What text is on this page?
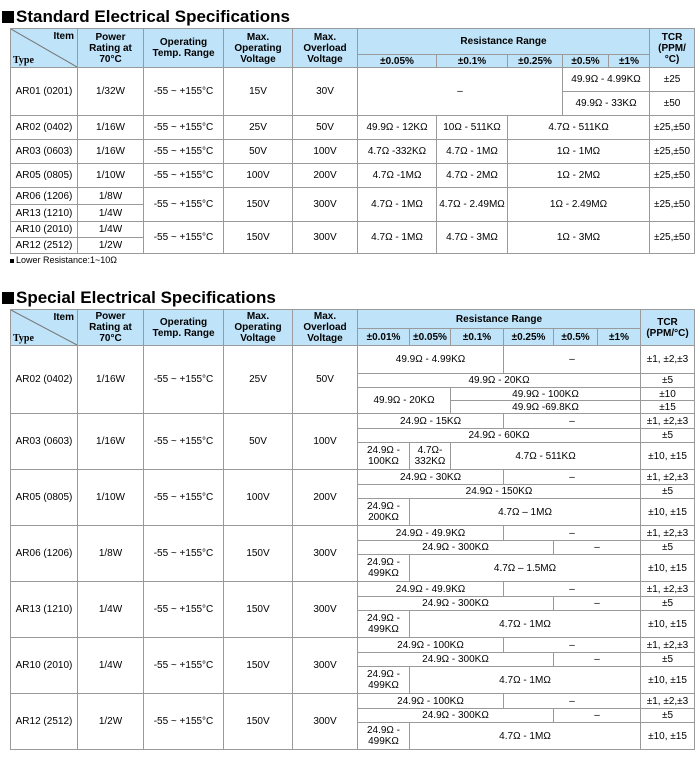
Standard Electrical Specifications
Item
Type	Power Rating at 70°C	Operating Temp. Range	Max. Operating Voltage	Max. Overload Voltage	Resistance Range					TCR (PPM/°C)
					±0.05%	±0.1%	±0.25%	±0.5%	±1%	
AR01 (0201)	1/32W	-55 ~ +155°C	15V	30V	–			49.9Ω - 4.99KΩ		±25
								49.9Ω - 33KΩ		±50
AR02 (0402)	1/16W	-55 ~ +155°C	25V	50V	49.9Ω - 12KΩ	10Ω - 511KΩ	4.7Ω - 511KΩ			±25,±50
AR03 (0603)	1/16W	-55 ~ +155°C	50V	100V	4.7Ω -332KΩ	4.7Ω - 1MΩ	1Ω - 1MΩ			±25,±50
AR05 (0805)	1/10W	-55 ~ +155°C	100V	200V	4.7Ω -1MΩ	4.7Ω - 2MΩ	1Ω - 2MΩ			±25,±50
AR06 (1206)	1/8W	-55 ~ +155°C	150V	300V	4.7Ω - 1MΩ	4.7Ω - 2.49MΩ	1Ω - 2.49MΩ			±25,±50
AR13 (1210)	1/4W									
AR10 (2010)	1/4W	-55 ~ +155°C	150V	300V	4.7Ω - 1MΩ	4.7Ω - 3MΩ	1Ω - 3MΩ			±25,±50
AR12 (2512)	1/2W									
Lower Resistance:1~10Ω
Special Electrical Specifications
Item
Type	Power Rating at 70°C	Operating Temp. Range	Max. Operating Voltage	Max. Overload Voltage	Resistance Range						TCR (PPM/°C)
					±0.01%	±0.05%	±0.1%	±0.25%	±0.5%	±1%	
AR02 (0402)	1/16W	-55 ~ +155°C	25V	50V	49.9Ω - 4.99KΩ			–			±1, ±2,±3

					49.9Ω - 20KΩ						±5
					49.9Ω - 20KΩ		49.9Ω - 100KΩ				±10
							49.9Ω -69.8KΩ				±15
AR03 (0603)	1/16W	-55 ~ +155°C	50V	100V	24.9Ω - 15KΩ			–			±1, ±2,±3
					24.9Ω - 60KΩ						±5
					24.9Ω - 100KΩ	4.7Ω- 332KΩ	4.7Ω - 511KΩ				±10, ±15
AR05 (0805)	1/10W	-55 ~ +155°C	100V	200V	24.9Ω - 30KΩ			–			±1, ±2,±3
					24.9Ω - 150KΩ						±5
					24.9Ω - 200KΩ	4.7Ω – 1MΩ					±10, ±15
AR06 (1206)	1/8W	-55 ~ +155°C	150V	300V	24.9Ω - 49.9KΩ			–			±1, ±2,±3
					24.9Ω - 300KΩ				–		±5
					24.9Ω - 499KΩ	4.7Ω – 1.5MΩ					±10, ±15
AR13 (1210)	1/4W	-55 ~ +155°C	150V	300V	24.9Ω - 49.9KΩ			–			±1, ±2,±3
					24.9Ω - 300KΩ				–		±5
					24.9Ω - 499KΩ	4.7Ω - 1MΩ					±10, ±15
AR10 (2010)	1/4W	-55 ~ +155°C	150V	300V	24.9Ω - 100KΩ			–			±1, ±2,±3
					24.9Ω - 300KΩ				–		±5
					24.9Ω - 499KΩ	4.7Ω - 1MΩ					±10, ±15
AR12 (2512)	1/2W	-55 ~ +155°C	150V	300V	24.9Ω - 100KΩ			–			±1, ±2,±3
					24.9Ω - 300KΩ				–		±5
					24.9Ω - 499KΩ	4.7Ω - 1MΩ					±10, ±15
